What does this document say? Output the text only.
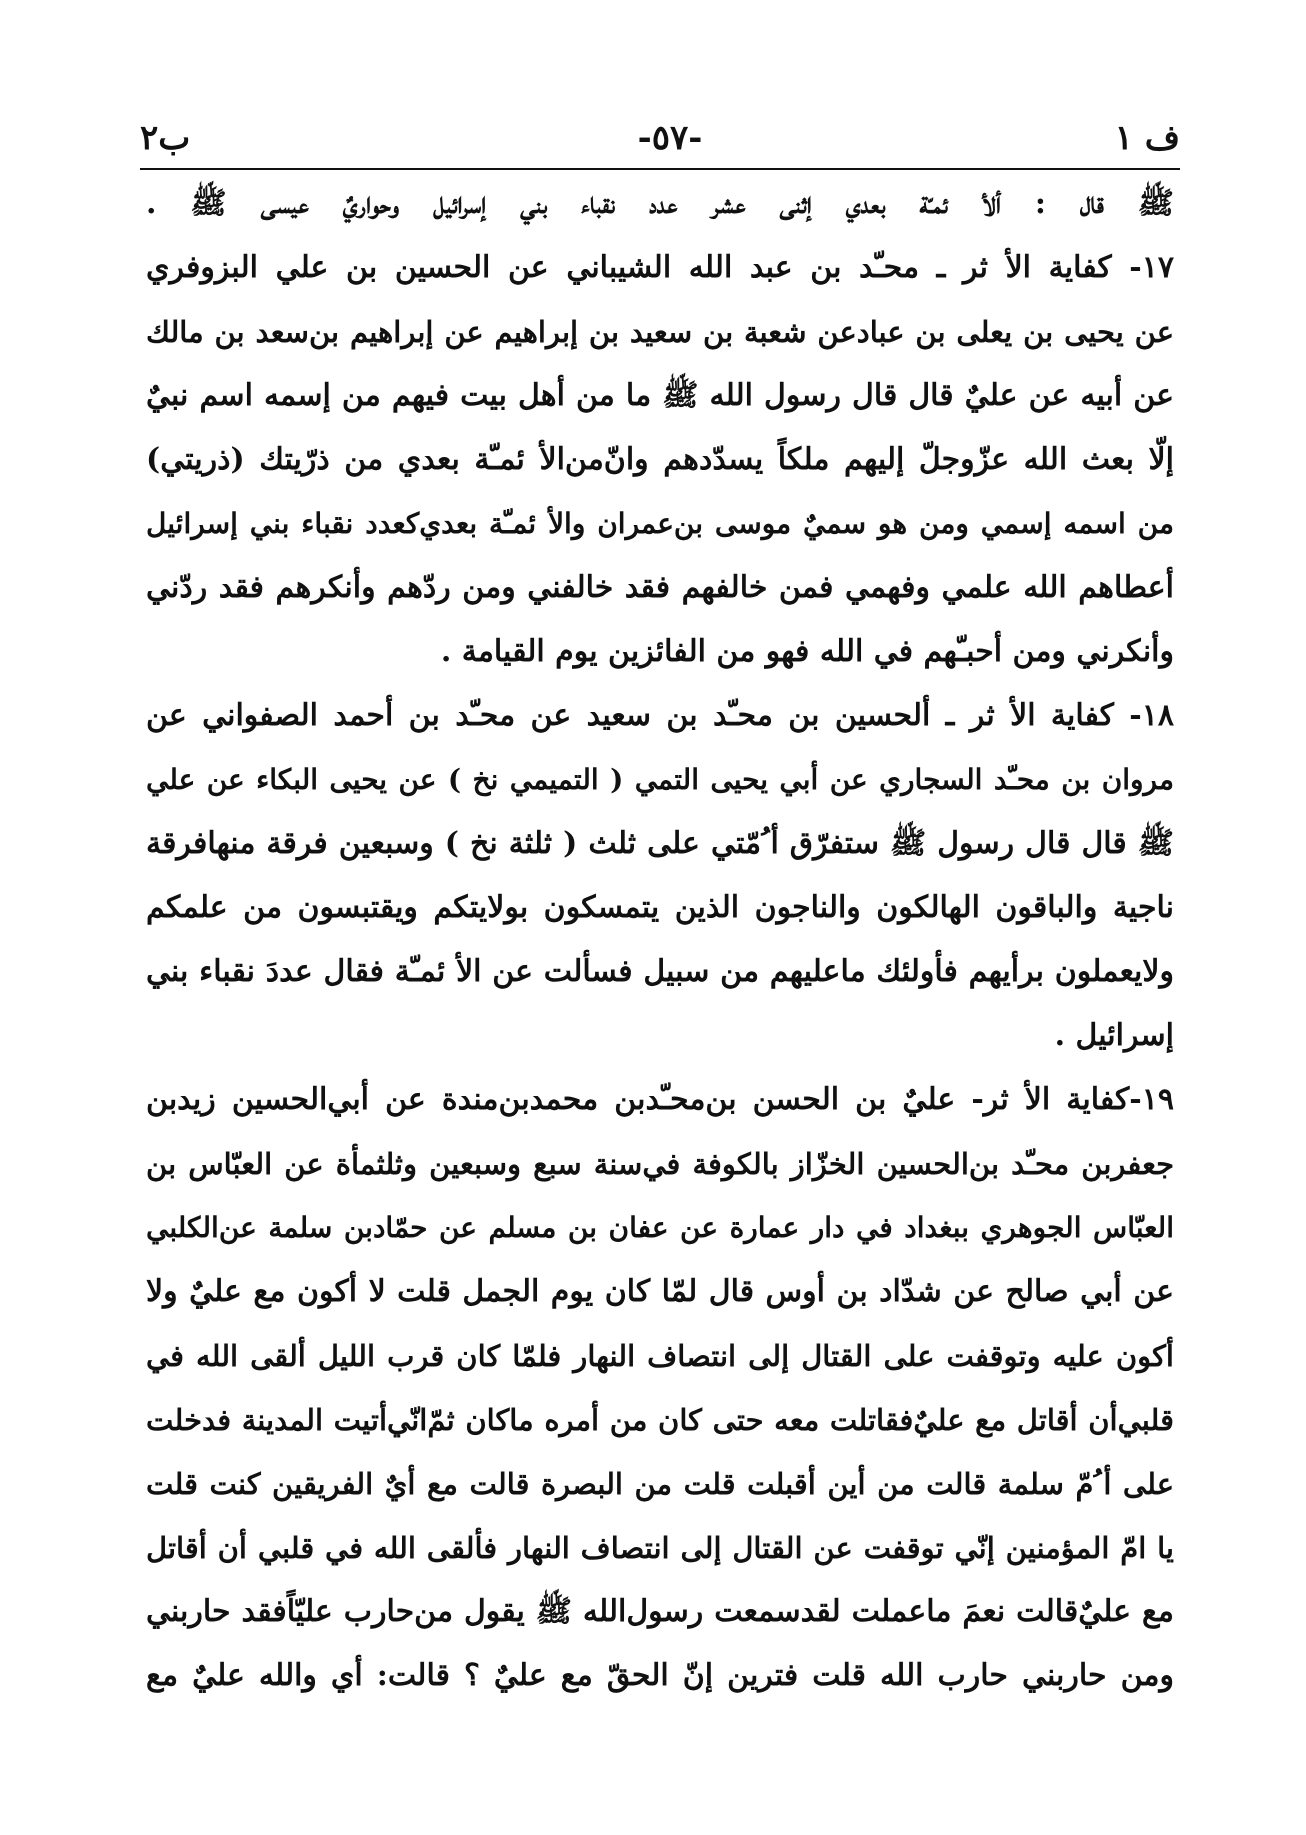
ب۲	-٥٧-	ف ١
ﷺ قال : ألأ ئمـّة بعدي إثنى عشر عدد نقباء بني إسرائيل وحواريٌ عيسى ﷺ .
١٧- كفاية الأ ثر ـ محـّد بن عبد الله الشيباني عن الحسين بن علي البزوفري
عن يحيى بن يعلى بن عبادعن شعبة بن سعيد بن إبراهيم عن إبراهيم بن‌سعد بن مالك
عن أبيه عن عليٌ قال قال رسول الله ﷺ ما من أهل بيت فيهم من إسمه اسم نبيٌ
إلّا بعث الله عزّوجلّ إليهم ملكاً يسدّدهم وان‌ّمن‌الأ ئمـّة بعدي من ذرّيتك (ذريتي)
من اسمه إسمي ومن هو سميٌ موسى بن‌عمران والأ ئمـّة بعدي‌كعدد نقباء بني إسرائيل
أعطاهم الله علمي وفهمي فمن خالفهم فقد خالفني ومن ردّهم وأنكرهم فقد ردّني
وأنكرني ومن أحبـّهم في الله فهو من الفائزين يوم القيامة .
١٨- كفاية الأ ثر ـ ألحسين بن محـّد بن سعيد عن محـّد بن أحمد الصفواني عن
مروان بن محـّد السجاري عن أبي يحيى التمي ( التميمي نخ ) عن يحيى البكاء عن علي
ﷺ قال قال رسول ﷺ ستفرّق أ ُمّتي على ثلث ( ثلثة نخ ) وسبعين فرقة منهافرقة
ناجية والباقون الهالكون والناجون الذين يتمسكون بولايتكم ويقتبسون من علمكم
ولايعملون برأيهم فأولئك ماعليهم من سبيل فسألت عن الأ ئمـّة فقال عددَ نقباء بني
إسرائيل .
١٩-كفاية الأ ثر- عليٌ بن الحسن بن‌محـّدبن محمدبن‌مندة عن أبي‌الحسين زيدبن
جعفربن محـّد بن‌الحسين الخزّاز بالكوفة في‌سنة سبع وسبعين وثلثمأة عن العبّاس بن
العبّاس الجوهري ببغداد في دار عمارة عن عفان بن مسلم عن حمّادبن سلمة عن‌الكلبي
عن أبي صالح عن شدّاد بن أوس قال لمّا كان يوم الجمل قلت لا أكون مع عليٌ ولا
أكون عليه وتوقفت على القتال إلى انتصاف النهار فلمّا كان قرب الليل ألقى الله في
قلبي‌أن أقاتل مع عليٌ‌فقاتلت معه حتى كان من أمره ماكان ثمّ‌انّي‌أتيت المدينة فدخلت
على أ ُمّ سلمة قالت من أين أقبلت قلت من البصرة قالت مع أيٌ الفريقين كنت قلت
يا امّ المؤمنين إنّي توقفت عن القتال إلى انتصاف النهار فألقى الله في قلبي أن أقاتل
مع عليٌ‌قالت نعمَ ماعملت لقدسمعت رسول‌الله ﷺ يقول من‌حارب عليّاًفقد حاربني
ومن حاربني حارب الله قلت فترين إنّ الحقّ مع عليٌ ؟ قالت: أي والله عليٌ مع
